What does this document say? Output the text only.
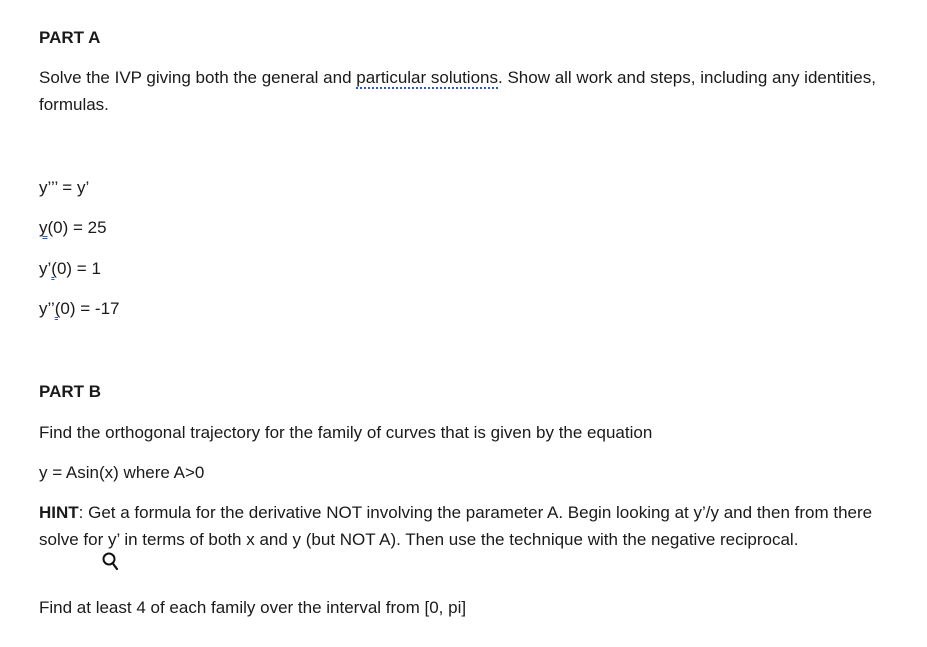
PART A
Solve the IVP giving both the general and particular solutions. Show all work and steps, including any identities, formulas.
y’’’ = y’
y(0) = 25
y’(0) = 1
y’’(0) = -17
PART B
Find the orthogonal trajectory for the family of curves that is given by the equation
y = Asin(x) where A>0
HINT: Get a formula for the derivative NOT involving the parameter A. Begin looking at y’/y and then from there solve for y’ in terms of both x and y (but NOT A). Then use the technique with the negative reciprocal.
Find at least 4 of each family over the interval from [0, pi]
